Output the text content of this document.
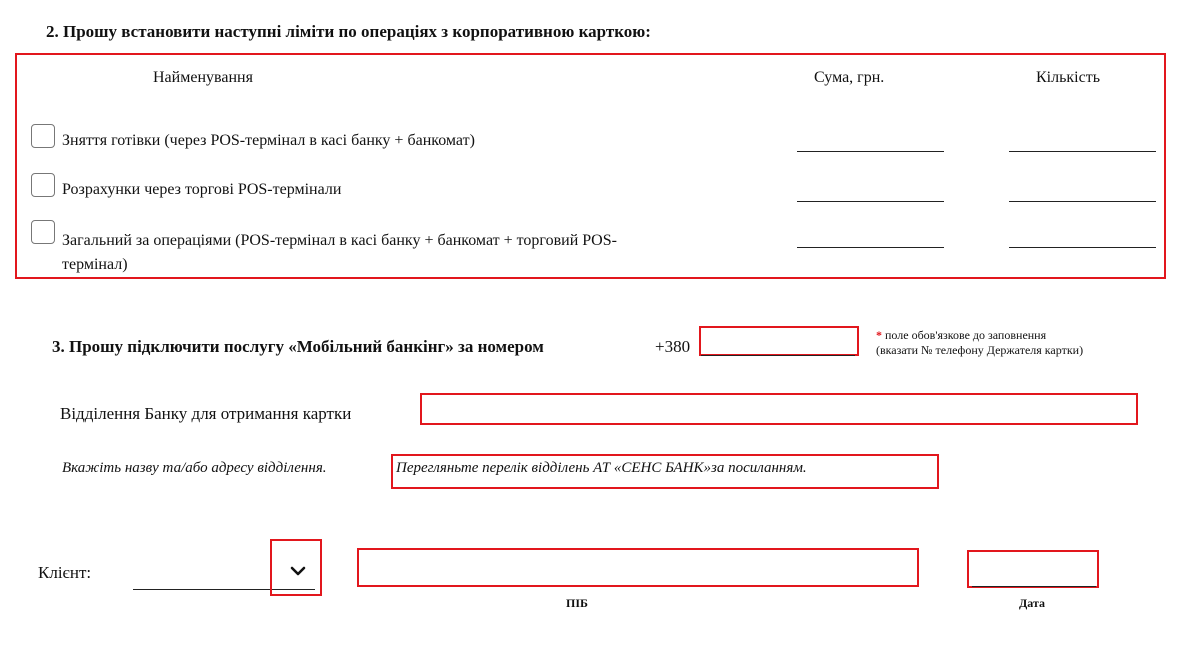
2. Прошу встановити наступні ліміти по операціях з корпоративною карткою:
Найменування	Сума, грн.	Кількість
Зняття готівки (через POS-термінал в касі банку + банкомат)
Розрахунки через торгові POS-термінали
Загальний за операціями (POS-термінал в касі банку + банкомат + торговий POS-
термінал)
3. Прошу підключити послугу «Мобільний банкінг» за номером	+380
* поле обов'язкове до заповнення
(вказати № телефону Держателя картки)
Відділення Банку для отримання картки
Вкажіть назву та/або адресу відділення.	Перегляньте перелік відділень АТ «СЕНС БАНК»за посиланням.
Клієнт:
ПІБ	Дата
